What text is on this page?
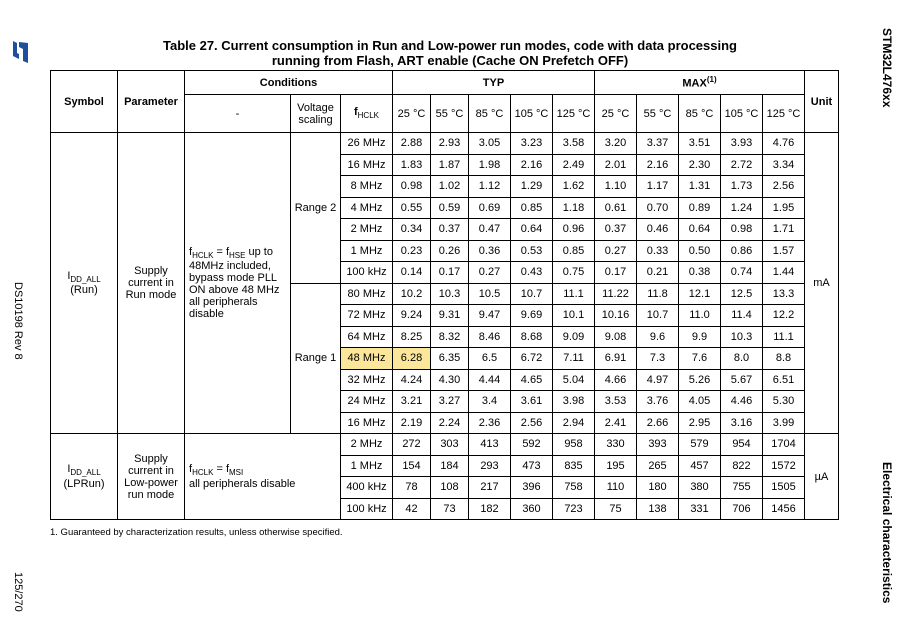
DS10198 Rev 8
125/270
STM32L476xx
Electrical characteristics
Table 27. Current consumption in Run and Low-power run modes, code with data processing
running from Flash, ART enable (Cache ON Prefetch OFF)
Symbol	Parameter	Conditions			TYP					MAX$^{(1)}$					Unit
		-	Voltage scaling	$f_{HCLK}$	25 °C	55 °C	85 °C	105 °C	125 °C	25 °C	55 °C	85 °C	105 °C	125 °C	
$I_{DD\_ALL}$
(Run)	Supply current in Run mode	$f_{HCLK} = f_{HSE}$ up to 48MHz included, bypass mode PLL ON above 48 MHz all peripherals disable	Range 2	26 MHz	2.88	2.93	3.05	3.23	3.58	3.20	3.37	3.51	3.93	4.76	mA
				16 MHz	1.83	1.87	1.98	2.16	2.49	2.01	2.16	2.30	2.72	3.34	
				8 MHz	0.98	1.02	1.12	1.29	1.62	1.10	1.17	1.31	1.73	2.56	
				4 MHz	0.55	0.59	0.69	0.85	1.18	0.61	0.70	0.89	1.24	1.95	
				2 MHz	0.34	0.37	0.47	0.64	0.96	0.37	0.46	0.64	0.98	1.71	
				1 MHz	0.23	0.26	0.36	0.53	0.85	0.27	0.33	0.50	0.86	1.57	
				100 kHz	0.14	0.17	0.27	0.43	0.75	0.17	0.21	0.38	0.74	1.44	
			Range 1	80 MHz	10.2	10.3	10.5	10.7	11.1	11.22	11.8	12.1	12.5	13.3	
				72 MHz	9.24	9.31	9.47	9.69	10.1	10.16	10.7	11.0	11.4	12.2	
				64 MHz	8.25	8.32	8.46	8.68	9.09	9.08	9.6	9.9	10.3	11.1	
				48 MHz	6.28	6.35	6.5	6.72	7.11	6.91	7.3	7.6	8.0	8.8	
				32 MHz	4.24	4.30	4.44	4.65	5.04	4.66	4.97	5.26	5.67	6.51	
				24 MHz	3.21	3.27	3.4	3.61	3.98	3.53	3.76	4.05	4.46	5.30	
				16 MHz	2.19	2.24	2.36	2.56	2.94	2.41	2.66	2.95	3.16	3.99	
$I_{DD\_ALL}$
(LPRun)	Supply current in Low-power run mode	$f_{HCLK} = f_{MSI}$
all peripherals disable		2 MHz	272	303	413	592	958	330	393	579	954	1704	µA
				1 MHz	154	184	293	473	835	195	265	457	822	1572	
				400 kHz	78	108	217	396	758	110	180	380	755	1505	
				100 kHz	42	73	182	360	723	75	138	331	706	1456	
1. Guaranteed by characterization results, unless otherwise specified.
